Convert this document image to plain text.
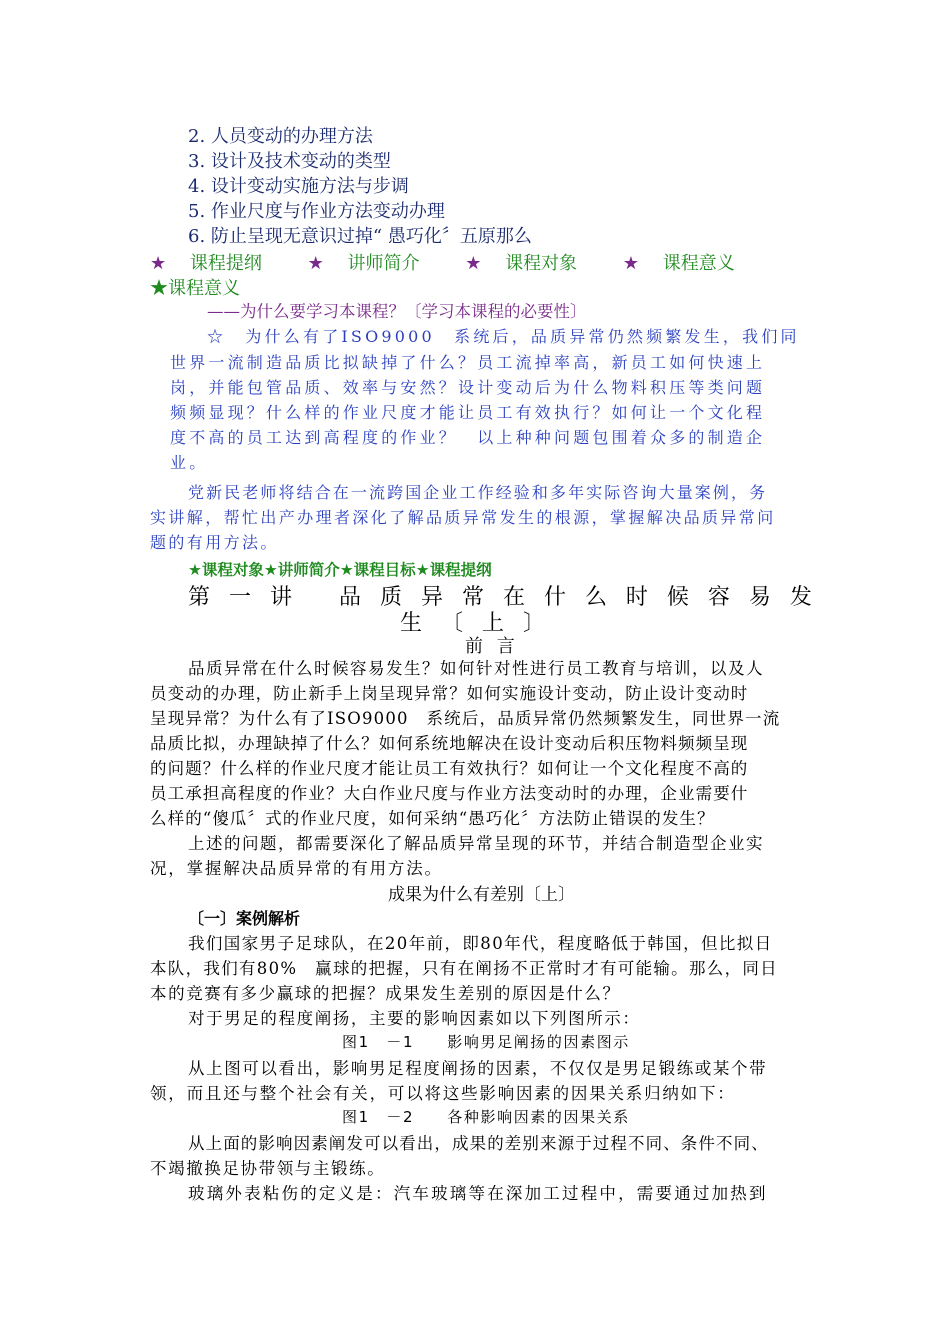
2. 人员变动的办理方法
3. 设计及技术变动的类型
4. 设计变动实施方法与步调
5. 作业尺度与作业方法变动办理
6. 防止呈现无意识过掉“ 愚巧化〞五原那么
★ 课程提纲	★ 讲师简介	★ 课程对象	★ 课程意义
★课程意义
——为什么要学习本课程？〔学习本课程的必要性〕
☆　为什么有了ISO9000　系统后，品质异常仍然频繁发生，我们同
世界一流制造品质比拟缺掉了什么？员工流掉率高，新员工如何快速上
岗，并能包管品质、效率与安然？设计变动后为什么物料积压等类问题
频频显现？什么样的作业尺度才能让员工有效执行？如何让一个文化程
度不高的员工达到高程度的作业？　以上种种问题包围着众多的制造企
业。
党新民老师将结合在一流跨国企业工作经验和多年实际咨询大量案例，务
实讲解，帮忙出产办理者深化了解品质异常发生的根源，掌握解决品质异常问
题的有用方法。
★课程对象★讲师简介★课程目标★课程提纲
第 一 讲　 品 质 异 常 在 什 么 时 候 容 易 发
生 〔 上 〕
前 言
品质异常在什么时候容易发生？如何针对性进行员工教育与培训，以及人
员变动的办理，防止新手上岗呈现异常？如何实施设计变动，防止设计变动时
呈现异常？为什么有了ISO9000　系统后，品质异常仍然频繁发生，同世界一流
品质比拟，办理缺掉了什么？如何系统地解决在设计变动后积压物料频频呈现
的问题？什么样的作业尺度才能让员工有效执行？如何让一个文化程度不高的
员工承担高程度的作业？大白作业尺度与作业方法变动时的办理，企业需要什
么样的“傻瓜〞式的作业尺度，如何采纳“愚巧化〞方法防止错误的发生？
上述的问题，都需要深化了解品质异常呈现的环节，并结合制造型企业实
况，掌握解决品质异常的有用方法。
成果为什么有差别〔上〕
〔一〕案例解析
我们国家男子足球队，在20年前，即80年代，程度略低于韩国，但比拟日
本队，我们有80%　赢球的把握，只有在阐扬不正常时才有可能输。那么，同日
本的竞赛有多少赢球的把握？成果发生差别的原因是什么？
对于男足的程度阐扬，主要的影响因素如以下列图所示：
图1　－1　　影响男足阐扬的因素图示
从上图可以看出，影响男足程度阐扬的因素，不仅仅是男足锻练或某个带
领，而且还与整个社会有关，可以将这些影响因素的因果关系归纳如下：
图1　－2　　各种影响因素的因果关系
从上面的影响因素阐发可以看出，成果的差别来源于过程不同、条件不同、
不竭撤换足协带领与主锻练。
玻璃外表粘伤的定义是：汽车玻璃等在深加工过程中，需要通过加热到
